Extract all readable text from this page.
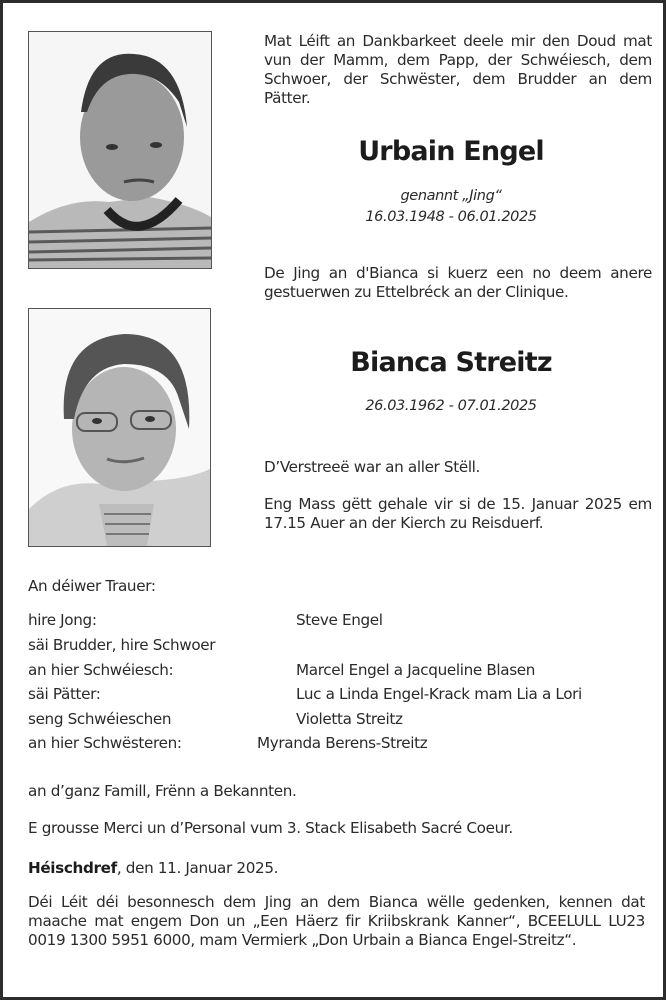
Mat Léift an Dankbarkeet deele mir den Doud mat vun der Mamm, dem Papp, der Schwéiesch, dem Schwoer, der Schwëster, dem Brudder an dem Pätter.
Urbain Engel
genannt „Jing“
16.03.1948 - 06.01.2025
De Jing an d'Bianca si kuerz een no deem anere gestuerwen zu Ettelbréck an der Clinique.
Bianca Streitz
26.03.1962 - 07.01.2025
D’Verstreeë war an aller Stëll.
Eng Mass gëtt gehale vir si de 15. Januar 2025 em 17.15 Auer an der Kierch zu Reisduerf.
An déiwer Trauer:
hire Jong:	Steve Engel
säi Brudder, hire Schwoer
an hier Schwéiesch:	Marcel Engel a Jacqueline Blasen
säi Pätter:	Luc a Linda Engel-Krack mam Lia a Lori
seng Schwéieschen	Violetta Streitz
an hier Schwësteren:	Myranda Berens-Streitz
an d’ganz Famill, Frënn a Bekannten.
E grousse Merci un d’Personal vum 3. Stack Elisabeth Sacré Coeur.
Héischdref, den 11. Januar 2025.
Déi Léit déi besonnesch dem Jing an dem Bianca wëlle gedenken, kennen dat maache mat engem Don un „Een Häerz fir Kriibskrank Kanner“, BCEELULL LU23 0019 1300 5951 6000, mam Vermierk „Don Urbain a Bianca Engel-Streitz“.
